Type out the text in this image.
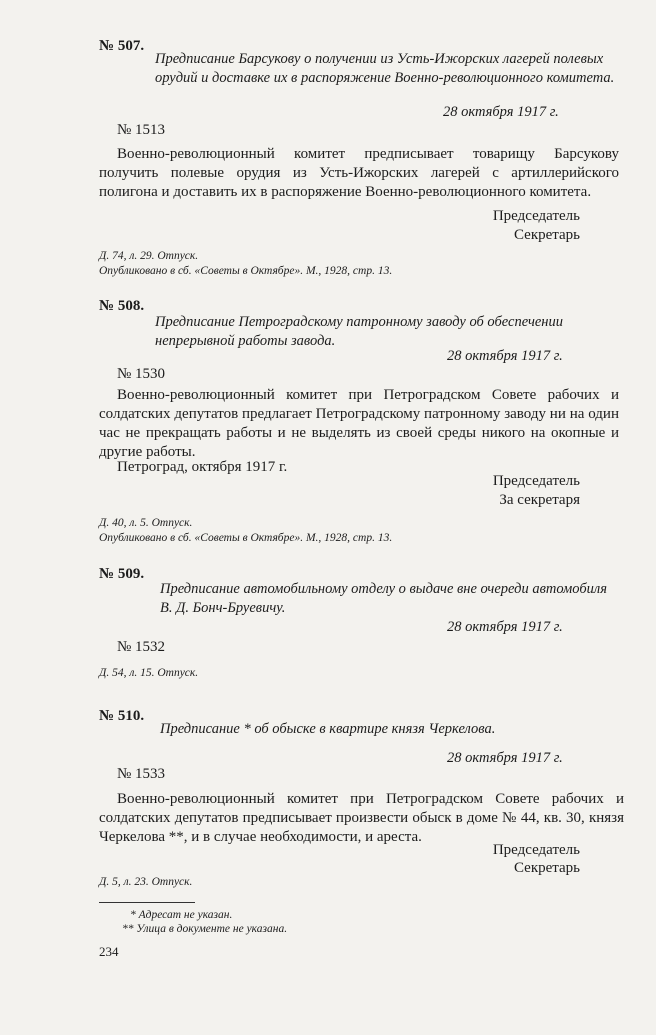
№ 507.
Предписание Барсукову о получении из Усть-Ижорских лагерей полевых орудий и доставке их в распоряжение Военно-революционного комитета.
28 октября 1917 г.
№ 1513
Военно-революционный комитет предписывает товарищу Барсукову получить полевые орудия из Усть-Ижорских лагерей с артиллерийского полигона и доставить их в распоряжение Военно-революционного комитета.
Председатель
Секретарь
Д. 74, л. 29. Отпуск.
Опубликовано в сб. «Советы в Октябре». М., 1928, стр. 13.
№ 508.
Предписание Петроградскому патронному заводу об обеспечении непрерывной работы завода.
28 октября 1917 г.
№ 1530
Военно-революционный комитет при Петроградском Совете рабочих и солдатских депутатов предлагает Петроградскому патронному заводу ни на один час не прекращать работы и не выделять из своей среды никого на окопные и другие работы.
Петроград, октября 1917 г.
Председатель
За секретаря
Д. 40, л. 5. Отпуск.
Опубликовано в сб. «Советы в Октябре». М., 1928, стр. 13.
№ 509.
Предписание автомобильному отделу о выдаче вне очереди автомобиля В. Д. Бонч-Бруевичу.
28 октября 1917 г.
№ 1532
Д. 54, л. 15. Отпуск.
№ 510.
Предписание * об обыске в квартире князя Черкелова.
28 октября 1917 г.
№ 1533
Военно-революционный комитет при Петроградском Совете рабочих и солдатских депутатов предписывает произвести обыск в доме № 44, кв. 30, князя Черкелова **, и в случае необходимости, и ареста.
Председатель
Секретарь
Д. 5, л. 23. Отпуск.
* Адресат не указан.
** Улица в документе не указана.
234
